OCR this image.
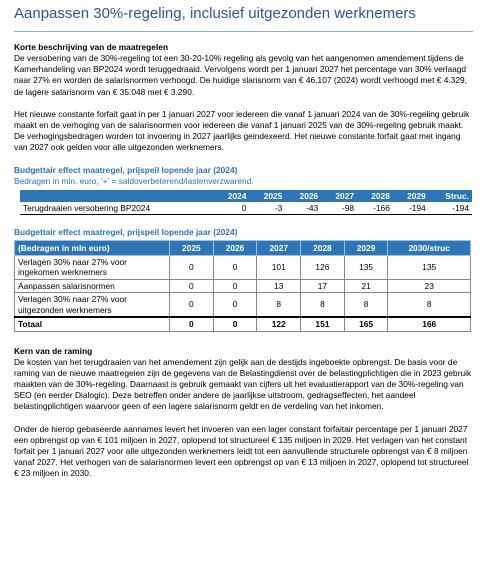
Aanpassen 30%-regeling, inclusief uitgezonden werknemers

Korte beschrijving van de maatregelen

De versobering van de 30%-regeling tot een 30-20-10% regeling als gevolg van het aangenomen amendement tijdens de Kamerhandeling van BP2024 wordt teruggedraaid. Vervolgens wordt per 1 januari 2027 het percentage van 30% verlaagd naar 27% en worden de salarisnormen verhoogd. De huidige slarisnorm van € 46.107 (2024) wordt verhoogd met € 4.329, de lagere salarisnorm van € 35.048 met € 3.290.

Het nieuwe constante forfait gaat in per 1 januari 2027 voor iedereen die vanaf 1 januari 2024 van de 30%-regeling gebruik maakt en de verhoging van de salarisnormen voor iedereen die vanaf 1 januari 2025 van de 30%-regeling gebruik maakt. De verhogingsbedragen worden tot invoering in 2027 jaarlijks geindexeerd. Het nieuwe constante forfait gaat met ingang van 2027 ook gelden voor alle uitgezonden werknemers.

Budgettair effect maatregel, prijspeil lopende jaar (2024)

Bedragen in mln. euro, '+' = saldoverbeterend/lastenverzwarend.

	2024	2025	2026	2027	2028	2029	Struc.
Terugdraaien versobering BP2024	0	-3	-43	-98	-166	-194	-194

Budgettair effect maatregel, prijspeil lopende jaar (2024)

(Bedragen in mln euro)	2025	2026	2027	2028	2029	2030/struc
Verlagen 30% naar 27% voor ingekomen werknemers	0	0	101	126	135	135
Aanpassen salarisnormen	0	0	13	17	21	23
Verlagen 30% naar 27% voor uitgezonden werknemers	0	0	8	8	8	8
Totaal	0	0	122	151	165	166

Kern van de raming

De kosten van het terugdraaien van het amendement zijn gelijk aan de destijds ingeboekte opbrengst. De basis voor de raming van de nieuwe maatregelen zijn de gegevens van de Belastingdienst over de belastingplichtigen die in 2023 gebruik maakten van de 30%-regeling. Daarnaast is gebruik gemaakt van cijfers uit het evaluatierapport van de 30%-regeling van SEO (en eerder Dialogic). Deze betreffen onder andere de jaarlijkse uitstroom, gedragseffecten, het aandeel belastingplichtigen waarvoor geen of een lagere salarisnorm geldt en de verdeling van het inkomen.

Onder de hierop gebaseerde aannames levert het invoeren van een lager constant forfaitair percentage per 1 januari 2027 een opbrengst op van € 101 miljoen in 2027, oplopend tot structureel € 135 miljoen in 2029. Het verlagen van het constant forfait per 1 januari 2027 voor alle uitgezonden werknemers leidt tot een aanvullende structurele opbrengst van € 8 miljoen vanaf 2027. Het verhogen van de salarisnormen levert een opbrengst op van € 13 miljoen in 2027, oplopend tot structureel € 23 miljoen in 2030.
